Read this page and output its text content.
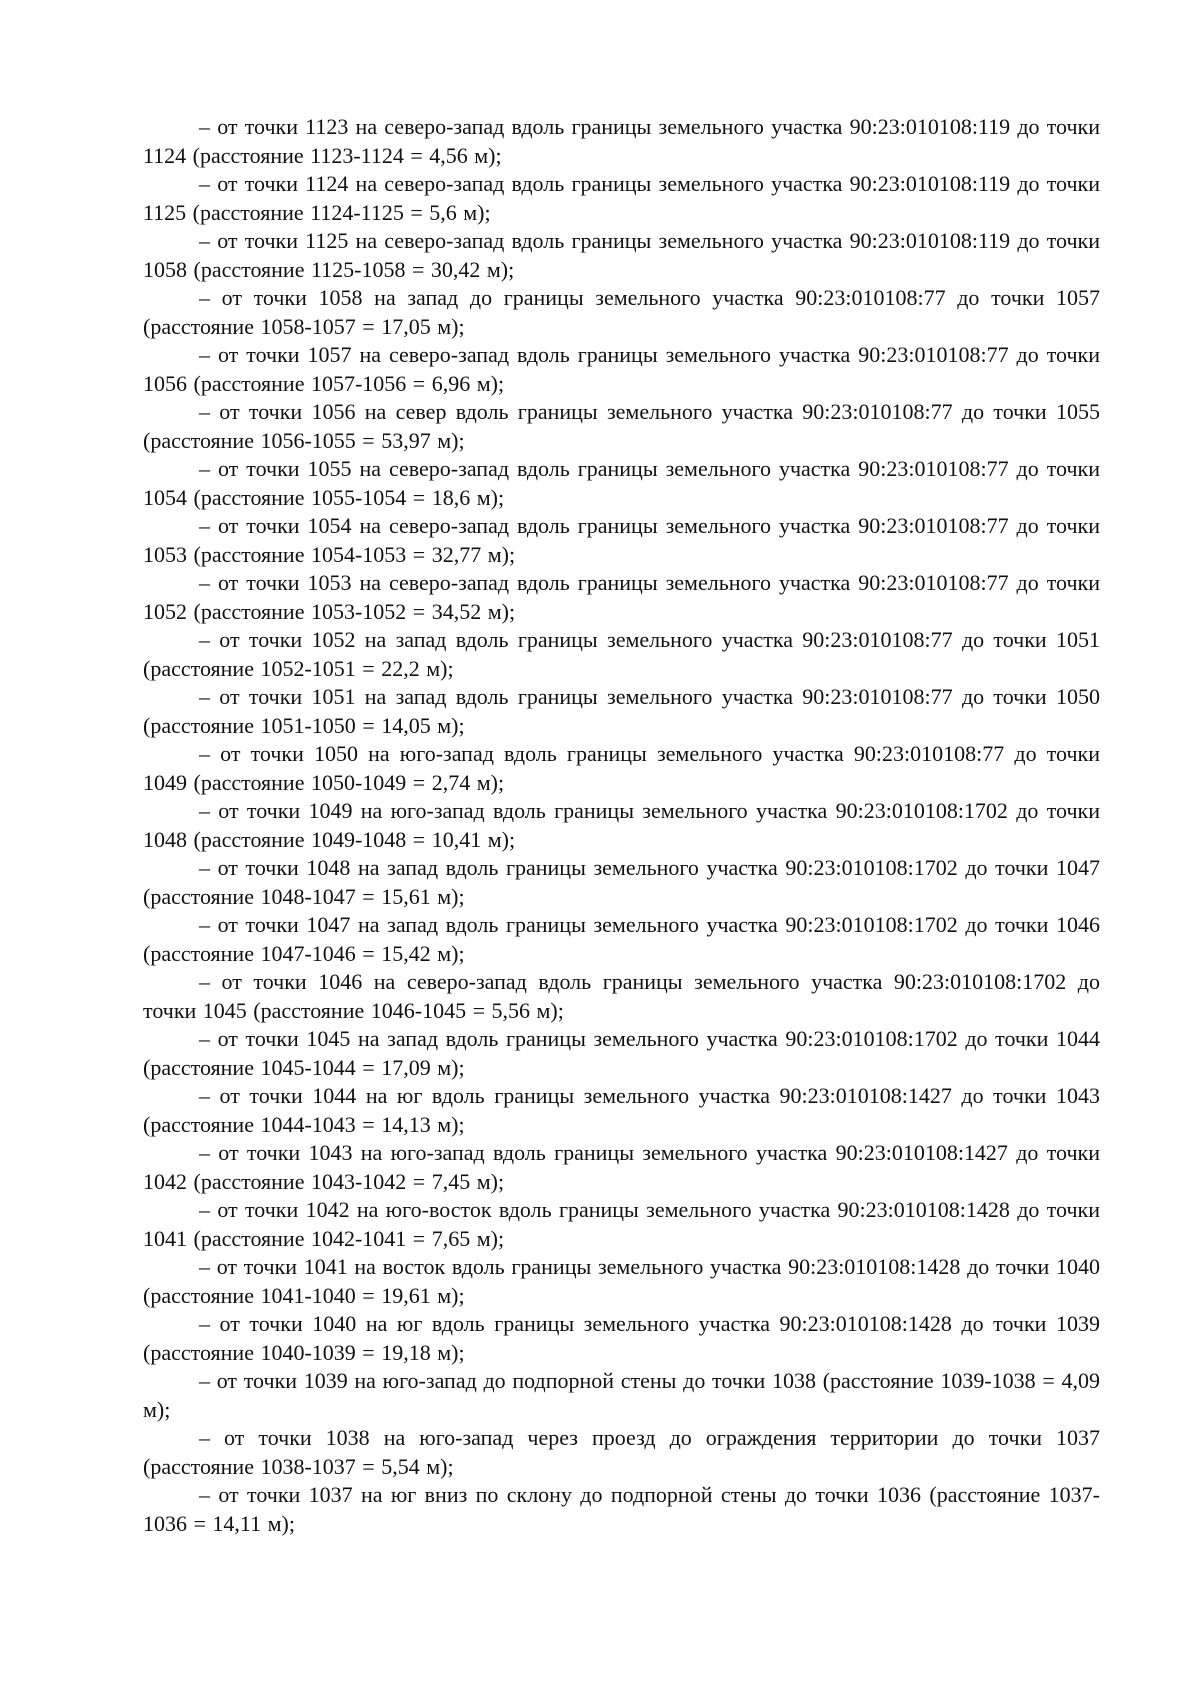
– от точки 1123 на северо-запад вдоль границы земельного участка 90:23:010108:119 до точки 1124 (расстояние 1123-1124 = 4,56 м);

– от точки 1124 на северо-запад вдоль границы земельного участка 90:23:010108:119 до точки 1125 (расстояние 1124-1125 = 5,6 м);

– от точки 1125 на северо-запад вдоль границы земельного участка 90:23:010108:119 до точки 1058 (расстояние 1125-1058 = 30,42 м);

– от точки 1058 на запад до границы земельного участка 90:23:010108:77 до точки 1057 (расстояние 1058-1057 = 17,05 м);

– от точки 1057 на северо-запад вдоль границы земельного участка 90:23:010108:77 до точки 1056 (расстояние 1057-1056 = 6,96 м);

– от точки 1056 на север вдоль границы земельного участка 90:23:010108:77 до точки 1055 (расстояние 1056-1055 = 53,97 м);

– от точки 1055 на северо-запад вдоль границы земельного участка 90:23:010108:77 до точки 1054 (расстояние 1055-1054 = 18,6 м);

– от точки 1054 на северо-запад вдоль границы земельного участка 90:23:010108:77 до точки 1053 (расстояние 1054-1053 = 32,77 м);

– от точки 1053 на северо-запад вдоль границы земельного участка 90:23:010108:77 до точки 1052 (расстояние 1053-1052 = 34,52 м);

– от точки 1052 на запад вдоль границы земельного участка 90:23:010108:77 до точки 1051 (расстояние 1052-1051 = 22,2 м);

– от точки 1051 на запад вдоль границы земельного участка 90:23:010108:77 до точки 1050 (расстояние 1051-1050 = 14,05 м);

– от точки 1050 на юго-запад вдоль границы земельного участка 90:23:010108:77 до точки 1049 (расстояние 1050-1049 = 2,74 м);

– от точки 1049 на юго-запад вдоль границы земельного участка 90:23:010108:1702 до точки 1048 (расстояние 1049-1048 = 10,41 м);

– от точки 1048 на запад вдоль границы земельного участка 90:23:010108:1702 до точки 1047 (расстояние 1048-1047 = 15,61 м);

– от точки 1047 на запад вдоль границы земельного участка 90:23:010108:1702 до точки 1046 (расстояние 1047-1046 = 15,42 м);

– от точки 1046 на северо-запад вдоль границы земельного участка 90:23:010108:1702 до точки 1045 (расстояние 1046-1045 = 5,56 м);

– от точки 1045 на запад вдоль границы земельного участка 90:23:010108:1702 до точки 1044 (расстояние 1045-1044 = 17,09 м);

– от точки 1044 на юг вдоль границы земельного участка 90:23:010108:1427 до точки 1043 (расстояние 1044-1043 = 14,13 м);

– от точки 1043 на юго-запад вдоль границы земельного участка 90:23:010108:1427 до точки 1042 (расстояние 1043-1042 = 7,45 м);

– от точки 1042 на юго-восток вдоль границы земельного участка 90:23:010108:1428 до точки 1041 (расстояние 1042-1041 = 7,65 м);

– от точки 1041 на восток вдоль границы земельного участка 90:23:010108:1428 до точки 1040 (расстояние 1041-1040 = 19,61 м);

– от точки 1040 на юг вдоль границы земельного участка 90:23:010108:1428 до точки 1039 (расстояние 1040-1039 = 19,18 м);

– от точки 1039 на юго-запад до подпорной стены до точки 1038 (расстояние 1039-1038 = 4,09 м);

– от точки 1038 на юго-запад через проезд до ограждения территории до точки 1037 (расстояние 1038-1037 = 5,54 м);

– от точки 1037 на юг вниз по склону до подпорной стены до точки 1036 (расстояние 1037-1036 = 14,11 м);
